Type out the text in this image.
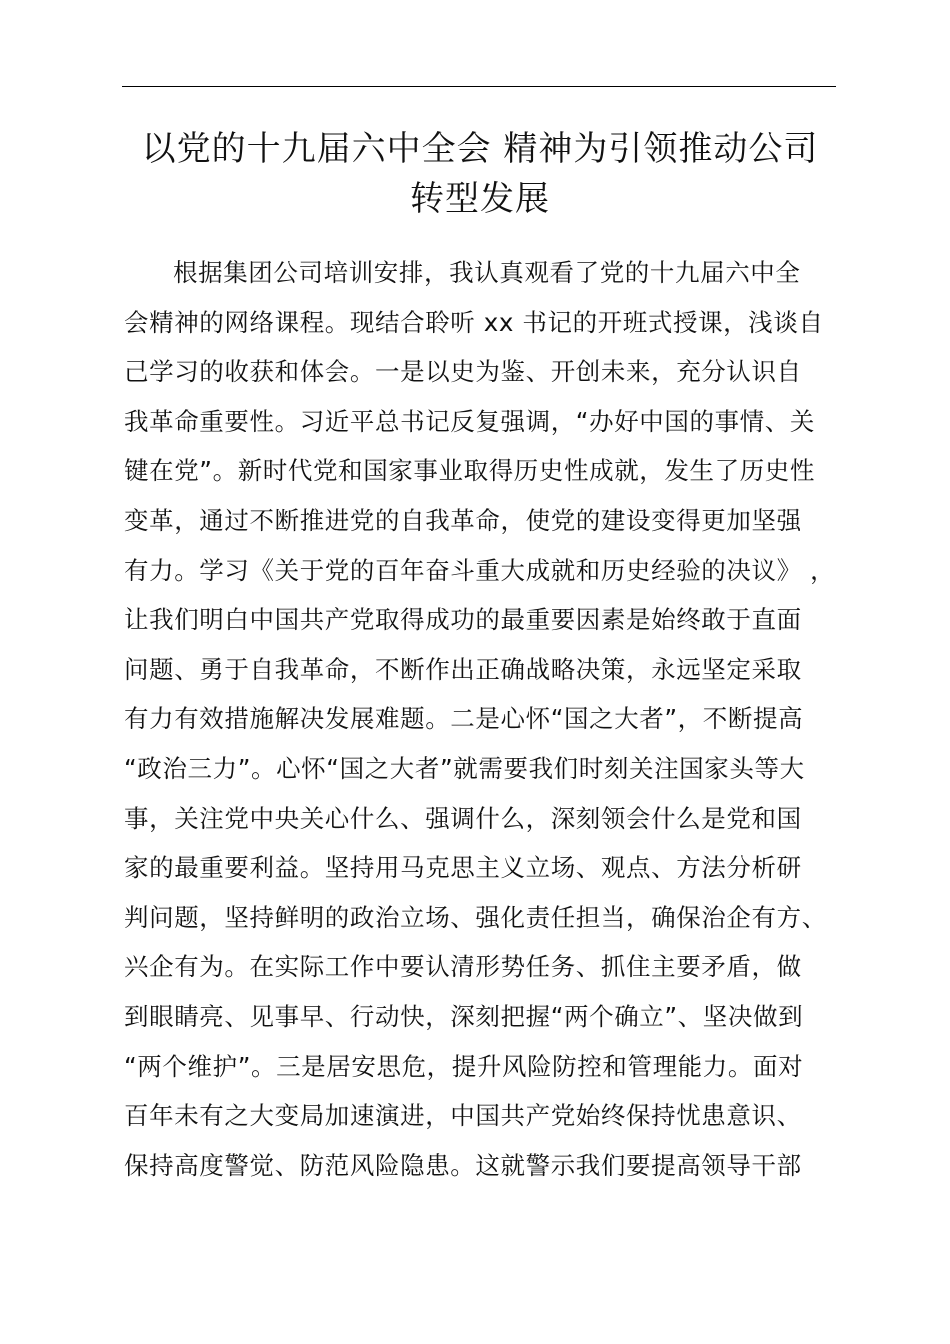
以党的十九届六中全会 精神为引领推动公司
转型发展
根据集团公司培训安排，我认真观看了党的十九届六中全
会精神的网络课程。现结合聆听 xx 书记的开班式授课，浅谈自
己学习的收获和体会。一是以史为鉴、开创未来，充分认识自
我革命重要性。习近平总书记反复强调，“办好中国的事情、关
键在党”。新时代党和国家事业取得历史性成就，发生了历史性
变革，通过不断推进党的自我革命，使党的建设变得更加坚强
有力。学习《关于党的百年奋斗重大成就和历史经验的决议》 ，
让我们明白中国共产党取得成功的最重要因素是始终敢于直面
问题、勇于自我革命，不断作出正确战略决策，永远坚定采取
有力有效措施解决发展难题。二是心怀“国之大者”，不断提高
“政治三力”。心怀“国之大者”就需要我们时刻关注国家头等大
事，关注党中央关心什么、强调什么，深刻领会什么是党和国
家的最重要利益。坚持用马克思主义立场、观点、方法分析研
判问题，坚持鲜明的政治立场、强化责任担当，确保治企有方、
兴企有为。在实际工作中要认清形势任务、抓住主要矛盾，做
到眼睛亮、见事早、行动快，深刻把握“两个确立”、坚决做到
“两个维护”。三是居安思危，提升风险防控和管理能力。面对
百年未有之大变局加速演进，中国共产党始终保持忧患意识、
保持高度警觉、防范风险隐患。这就警示我们要提高领导干部
